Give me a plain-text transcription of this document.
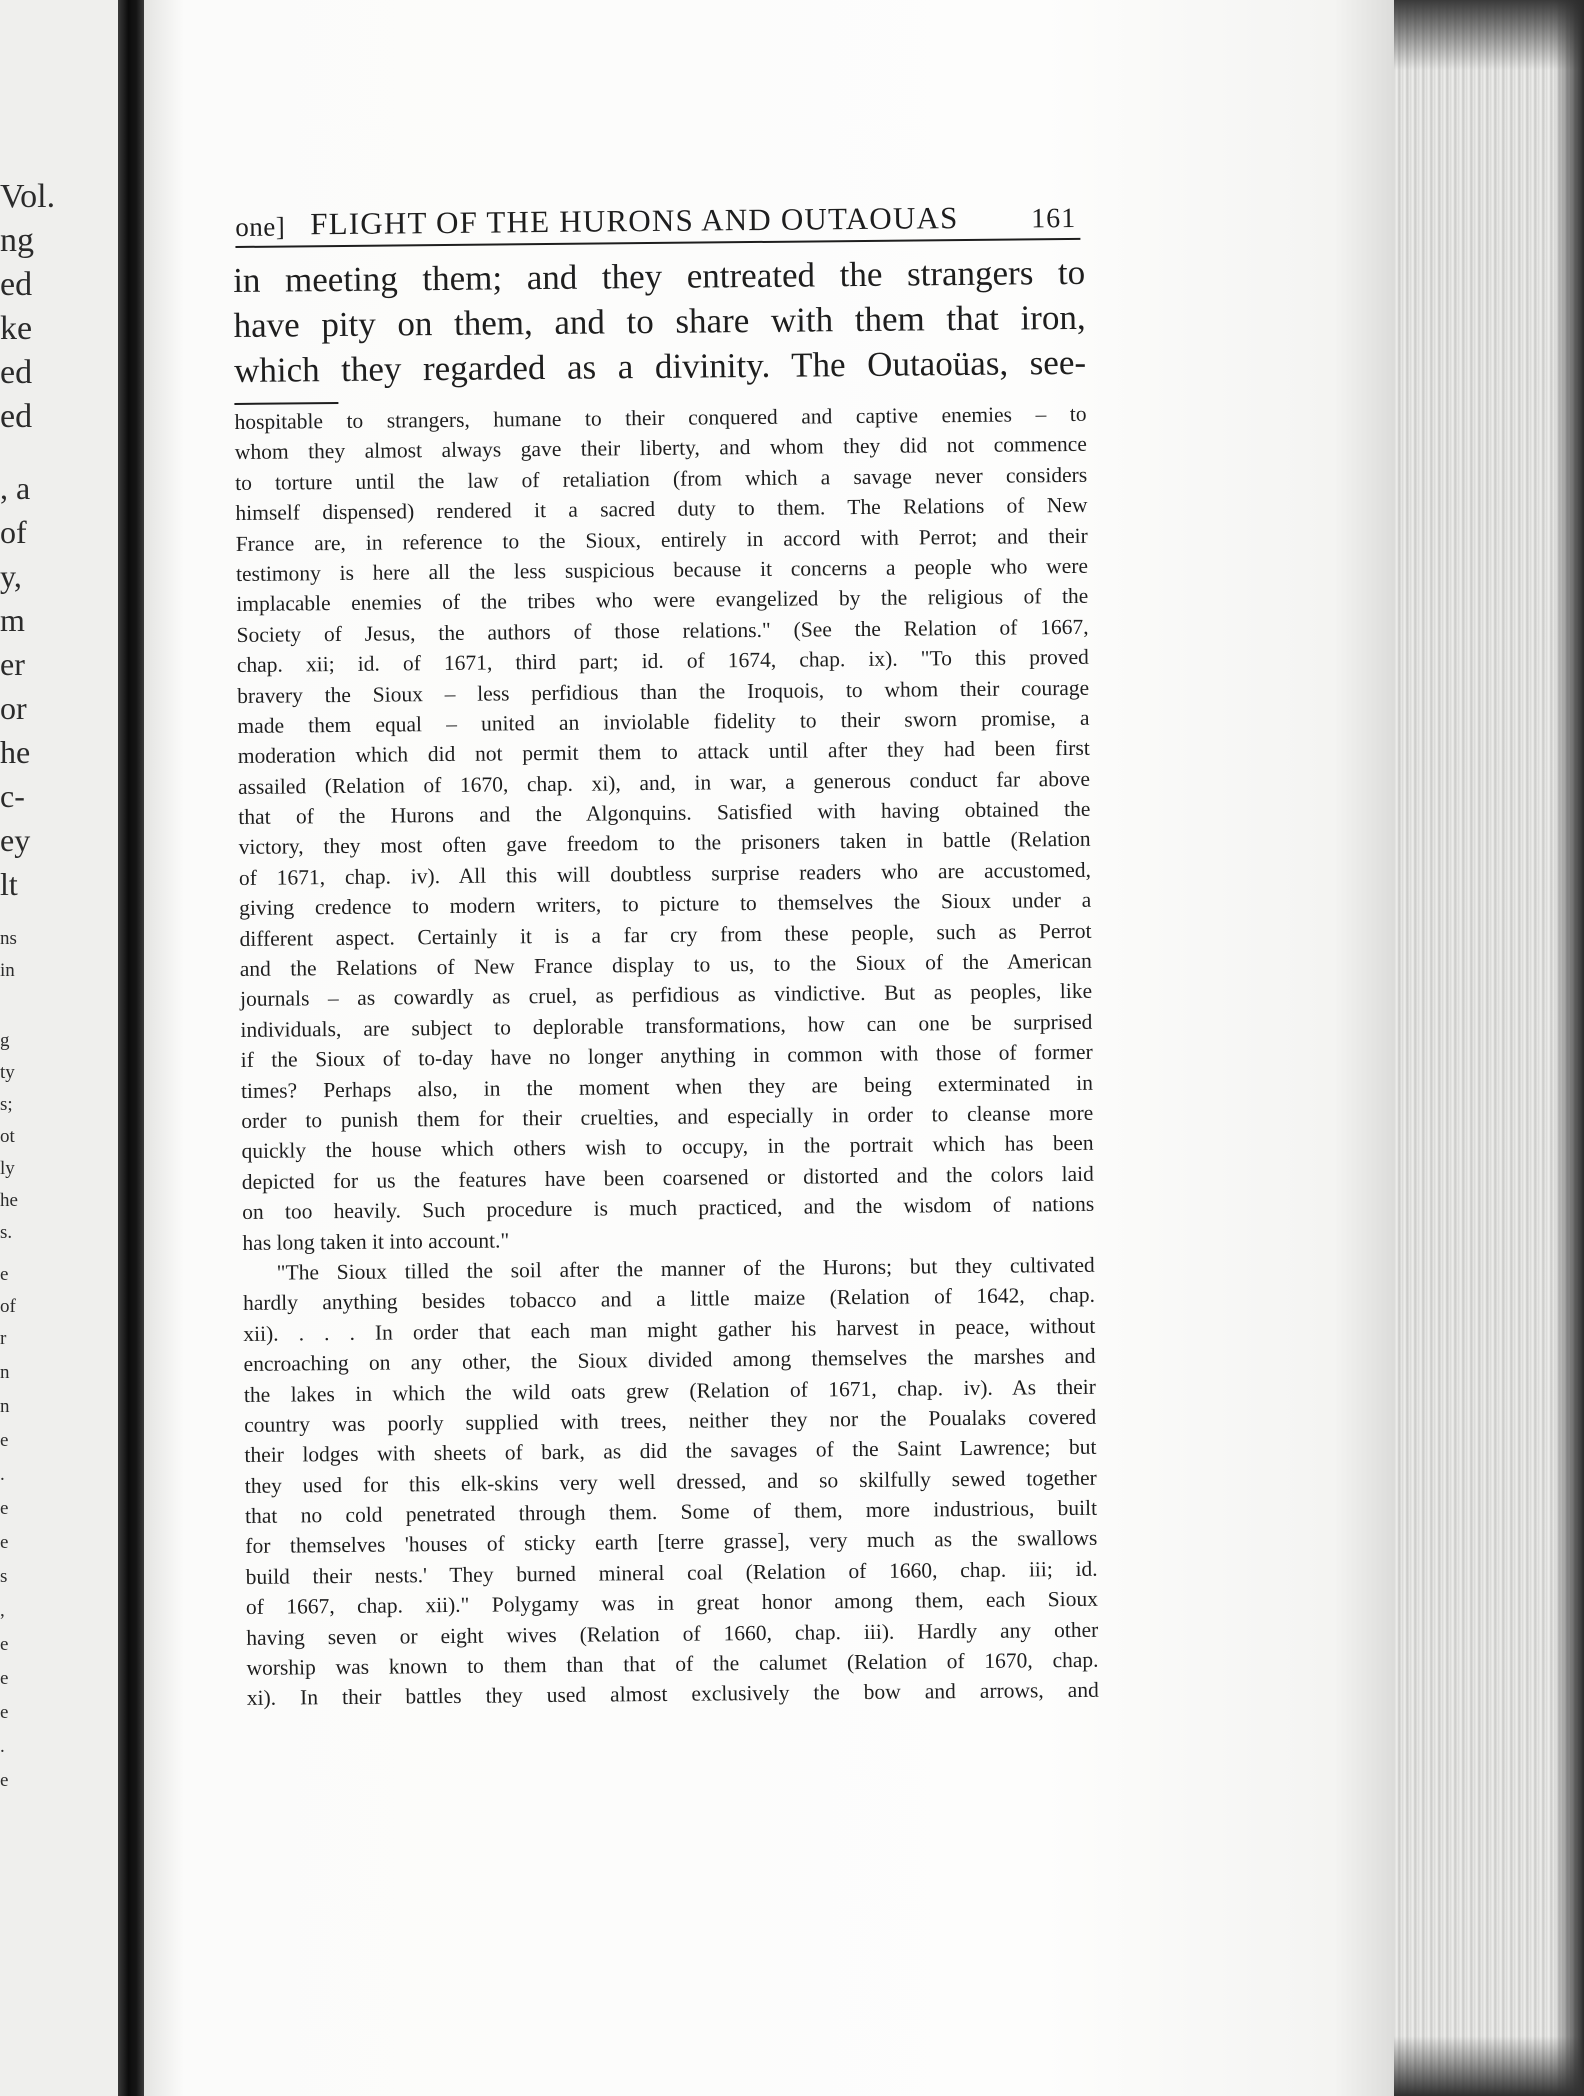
Vol.
ng
ed
ke
ed
ed
, a
of
y,
m
er
or
he
c-
ey
lt
ns
in
g
ty
s;
ot
ly
he
s.
e
of
r
n
n
e
.
e
e
s
,
e
e
e
.
e
one] FLIGHT OF THE HURONS AND OUTAOUAS	161
in meeting them; and they entreated the strangers to
have pity on them, and to share with them that iron,
which they regarded as a divinity. The Outaoüas, see-
hospitable to strangers, humane to their conquered and captive enemies – to
whom they almost always gave their liberty, and whom they did not commence
to torture until the law of retaliation (from which a savage never considers
himself dispensed) rendered it a sacred duty to them. The Relations of New
France are, in reference to the Sioux, entirely in accord with Perrot; and their
testimony is here all the less suspicious because it concerns a people who were
implacable enemies of the tribes who were evangelized by the religious of the
Society of Jesus, the authors of those relations." (See the Relation of 1667,
chap. xii; id. of 1671, third part; id. of 1674, chap. ix). "To this proved
bravery the Sioux – less perfidious than the Iroquois, to whom their courage
made them equal – united an inviolable fidelity to their sworn promise, a
moderation which did not permit them to attack until after they had been first
assailed (Relation of 1670, chap. xi), and, in war, a generous conduct far above
that of the Hurons and the Algonquins. Satisfied with having obtained the
victory, they most often gave freedom to the prisoners taken in battle (Relation
of 1671, chap. iv). All this will doubtless surprise readers who are accustomed,
giving credence to modern writers, to picture to themselves the Sioux under a
different aspect. Certainly it is a far cry from these people, such as Perrot
and the Relations of New France display to us, to the Sioux of the American
journals – as cowardly as cruel, as perfidious as vindictive. But as peoples, like
individuals, are subject to deplorable transformations, how can one be surprised
if the Sioux of to-day have no longer anything in common with those of former
times? Perhaps also, in the moment when they are being exterminated in
order to punish them for their cruelties, and especially in order to cleanse more
quickly the house which others wish to occupy, in the portrait which has been
depicted for us the features have been coarsened or distorted and the colors laid
on too heavily. Such procedure is much practiced, and the wisdom of nations
has long taken it into account."
"The Sioux tilled the soil after the manner of the Hurons; but they cultivated
hardly anything besides tobacco and a little maize (Relation of 1642, chap.
xii). . . . In order that each man might gather his harvest in peace, without
encroaching on any other, the Sioux divided among themselves the marshes and
the lakes in which the wild oats grew (Relation of 1671, chap. iv). As their
country was poorly supplied with trees, neither they nor the Poualaks covered
their lodges with sheets of bark, as did the savages of the Saint Lawrence; but
they used for this elk-skins very well dressed, and so skilfully sewed together
that no cold penetrated through them. Some of them, more industrious, built
for themselves 'houses of sticky earth [terre grasse], very much as the swallows
build their nests.' They burned mineral coal (Relation of 1660, chap. iii; id.
of 1667, chap. xii)." Polygamy was in great honor among them, each Sioux
having seven or eight wives (Relation of 1660, chap. iii). Hardly any other
worship was known to them than that of the calumet (Relation of 1670, chap.
xi). In their battles they used almost exclusively the bow and arrows, and
